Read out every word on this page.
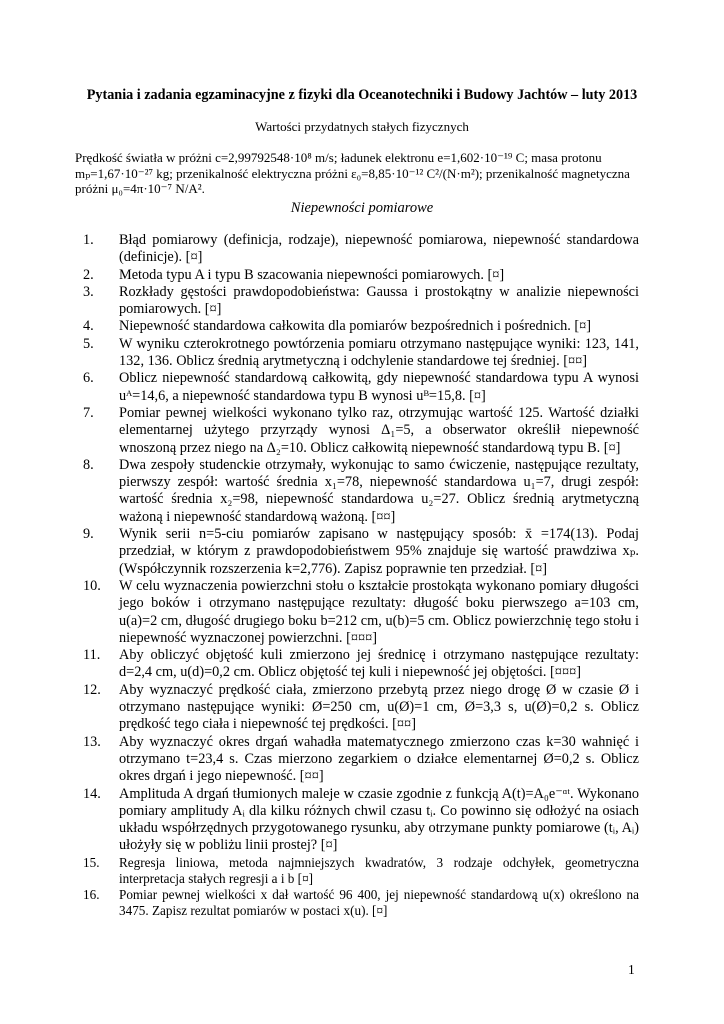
Pytania i zadania egzaminacyjne z fizyki dla Oceanotechniki i Budowy Jachtów – luty 2013
Wartości przydatnych stałych fizycznych
Prędkość światła w próżni c=2,99792548·10⁸ m/s; ładunek elektronu e=1,602·10⁻¹⁹ C; masa protonu mₚ=1,67·10⁻²⁷ kg; przenikalność elektryczna próżni ε₀=8,85·10⁻¹² C²/(N·m²); przenikalność magnetyczna próżni μ₀=4π·10⁻⁷ N/A².
Niepewności pomiarowe
1. Błąd pomiarowy (definicja, rodzaje), niepewność pomiarowa, niepewność standardowa (definicje). [¤]
2. Metoda typu A i typu B szacowania niepewności pomiarowych. [¤]
3. Rozkłady gęstości prawdopodobieństwa: Gaussa i prostokątny w analizie niepewności pomiarowych. [¤]
4. Niepewność standardowa całkowita dla pomiarów bezpośrednich i pośrednich. [¤]
5. W wyniku czterokrotnego powtórzenia pomiaru otrzymano następujące wyniki: 123, 141, 132, 136. Oblicz średnią arytmetyczną i odchylenie standardowe tej średniej. [¤¤]
6. Oblicz niepewność standardową całkowitą, gdy niepewność standardowa typu A wynosi uᴬ=14,6, a niepewność standardowa typu B wynosi uᴮ=15,8. [¤]
7. Pomiar pewnej wielkości wykonano tylko raz, otrzymując wartość 125. Wartość działki elementarnej użytego przyrządy wynosi Δ₁=5, a obserwator określił niepewność wnoszoną przez niego na Δ₂=10. Oblicz całkowitą niepewność standardową typu B. [¤]
8. Dwa zespoły studenckie otrzymały, wykonując to samo ćwiczenie, następujące rezultaty, pierwszy zespół: wartość średnia x₁=78, niepewność standardowa u₁=7, drugi zespół: wartość średnia x₂=98, niepewność standardowa u₂=27. Oblicz średnią arytmetyczną ważoną i niepewność standardową ważoną. [¤¤]
9. Wynik serii n=5-ciu pomiarów zapisano w następujący sposób: x̄ =174(13). Podaj przedział, w którym z prawdopodobieństwem 95% znajduje się wartość prawdziwa xₚ. (Współczynnik rozszerzenia k=2,776). Zapisz poprawnie ten przedział. [¤]
10. W celu wyznaczenia powierzchni stołu o kształcie prostokąta wykonano pomiary długości jego boków i otrzymano następujące rezultaty: długość boku pierwszego a=103 cm, u(a)=2 cm, długość drugiego boku b=212 cm, u(b)=5 cm. Oblicz powierzchnię tego stołu i niepewność wyznaczonej powierzchni. [¤¤¤]
11. Aby obliczyć objętość kuli zmierzono jej średnicę i otrzymano następujące rezultaty: d=2,4 cm, u(d)=0,2 cm. Oblicz objętość tej kuli i niepewność jej objętości. [¤¤¤]
12. Aby wyznaczyć prędkość ciała, zmierzono przebytą przez niego drogę Ø w czasie Ø i otrzymano następujące wyniki: Ø=250 cm, u(Ø)=1 cm, Ø=3,3 s, u(Ø)=0,2 s. Oblicz prędkość tego ciała i niepewność tej prędkości. [¤¤]
13. Aby wyznaczyć okres drgań wahadła matematycznego zmierzono czas k=30 wahnięć i otrzymano t=23,4 s. Czas mierzono zegarkiem o działce elementarnej Ø=0,2 s. Oblicz okres drgań i jego niepewność. [¤¤]
14. Amplituda A drgań tłumionych maleje w czasie zgodnie z funkcją A(t)=A₀e⁻ᵅᵗ. Wykonano pomiary amplitudy Aᵢ dla kilku różnych chwil czasu tᵢ. Co powinno się odłożyć na osiach układu współrzędnych przygotowanego rysunku, aby otrzymane punkty pomiarowe (tᵢ, Aᵢ) ułożyły się w pobliżu linii prostej? [¤]
15. Regresja liniowa, metoda najmniejszych kwadratów, 3 rodzaje odchyłek, geometryczna interpretacja stałych regresji a i b [¤]
16. Pomiar pewnej wielkości x dał wartość 96 400, jej niepewność standardową u(x) określono na 3475. Zapisz rezultat pomiarów w postaci x(u). [¤]
1
